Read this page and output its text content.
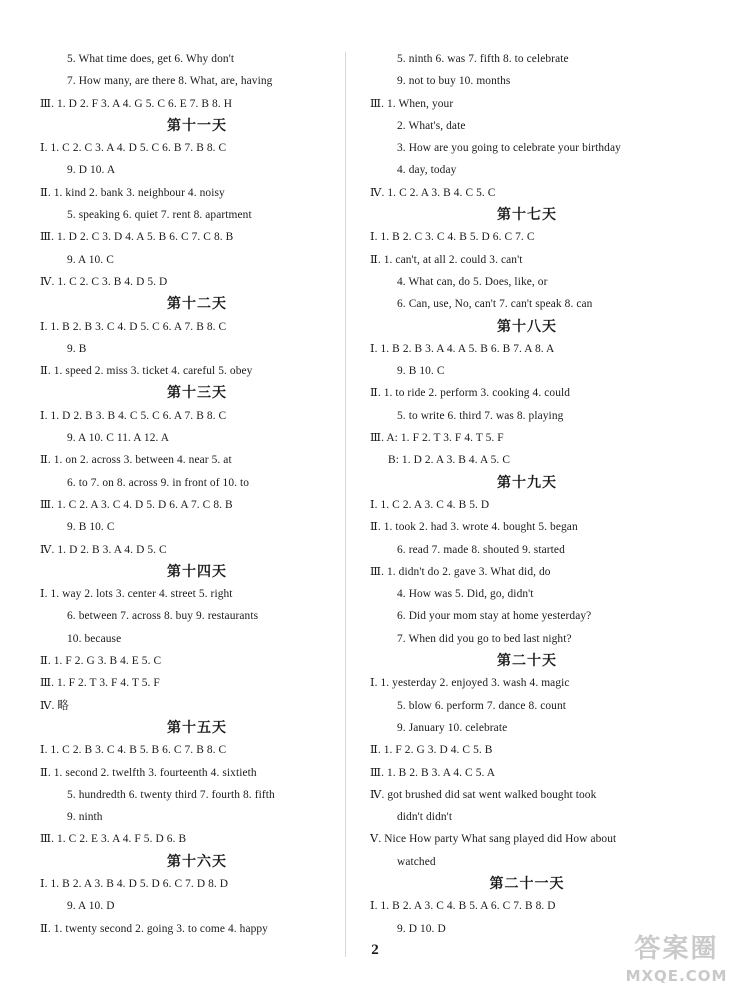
5. What time does, get 6. Why don't
7. How many, are there 8. What, are, having
Ⅲ. 1. D 2. F 3. A 4. G 5. C 6. E 7. B 8. H
第十一天
Ⅰ. 1. C 2. C 3. A 4. D 5. C 6. B 7. B 8. C
9. D 10. A
Ⅱ. 1. kind 2. bank 3. neighbour 4. noisy
5. speaking 6. quiet 7. rent 8. apartment
Ⅲ. 1. D 2. C 3. D 4. A 5. B 6. C 7. C 8. B
9. A 10. C
Ⅳ. 1. C 2. C 3. B 4. D 5. D
第十二天
Ⅰ. 1. B 2. B 3. C 4. D 5. C 6. A 7. B 8. C
9. B
Ⅱ. 1. speed 2. miss 3. ticket 4. careful 5. obey
第十三天
Ⅰ. 1. D 2. B 3. B 4. C 5. C 6. A 7. B 8. C
9. A 10. C 11. A 12. A
Ⅱ. 1. on 2. across 3. between 4. near 5. at
6. to 7. on 8. across 9. in front of 10. to
Ⅲ. 1. C 2. A 3. C 4. D 5. D 6. A 7. C 8. B
9. B 10. C
Ⅳ. 1. D 2. B 3. A 4. D 5. C
第十四天
Ⅰ. 1. way 2. lots 3. center 4. street 5. right
6. between 7. across 8. buy 9. restaurants
10. because
Ⅱ. 1. F 2. G 3. B 4. E 5. C
Ⅲ. 1. F 2. T 3. F 4. T 5. F
Ⅳ. 略
第十五天
Ⅰ. 1. C 2. B 3. C 4. B 5. B 6. C 7. B 8. C
Ⅱ. 1. second 2. twelfth 3. fourteenth 4. sixtieth
5. hundredth 6. twenty third 7. fourth 8. fifth
9. ninth
Ⅲ. 1. C 2. E 3. A 4. F 5. D 6. B
第十六天
Ⅰ. 1. B 2. A 3. B 4. D 5. D 6. C 7. D 8. D
9. A 10. D
Ⅱ. 1. twenty second 2. going 3. to come 4. happy
5. ninth 6. was 7. fifth 8. to celebrate
9. not to buy 10. months
Ⅲ. 1. When, your
2. What's, date
3. How are you going to celebrate your birthday
4. day, today
Ⅳ. 1. C 2. A 3. B 4. C 5. C
第十七天
Ⅰ. 1. B 2. C 3. C 4. B 5. D 6. C 7. C
Ⅱ. 1. can't, at all 2. could 3. can't
4. What can, do 5. Does, like, or
6. Can, use, No, can't 7. can't speak 8. can
第十八天
Ⅰ. 1. B 2. B 3. A 4. A 5. B 6. B 7. A 8. A
9. B 10. C
Ⅱ. 1. to ride 2. perform 3. cooking 4. could
5. to write 6. third 7. was 8. playing
Ⅲ. A: 1. F 2. T 3. F 4. T 5. F
B: 1. D 2. A 3. B 4. A 5. C
第十九天
Ⅰ. 1. C 2. A 3. C 4. B 5. D
Ⅱ. 1. took 2. had 3. wrote 4. bought 5. began
6. read 7. made 8. shouted 9. started
Ⅲ. 1. didn't do 2. gave 3. What did, do
4. How was 5. Did, go, didn't
6. Did your mom stay at home yesterday?
7. When did you go to bed last night?
第二十天
Ⅰ. 1. yesterday 2. enjoyed 3. wash 4. magic
5. blow 6. perform 7. dance 8. count
9. January 10. celebrate
Ⅱ. 1. F 2. G 3. D 4. C 5. B
Ⅲ. 1. B 2. B 3. A 4. C 5. A
Ⅳ. got brushed did sat went walked bought took
didn't didn't
Ⅴ. Nice How party What sang played did How about
watched
第二十一天
Ⅰ. 1. B 2. A 3. C 4. B 5. A 6. C 7. B 8. D
9. D 10. D
2	答案圈
MXQE.COM
